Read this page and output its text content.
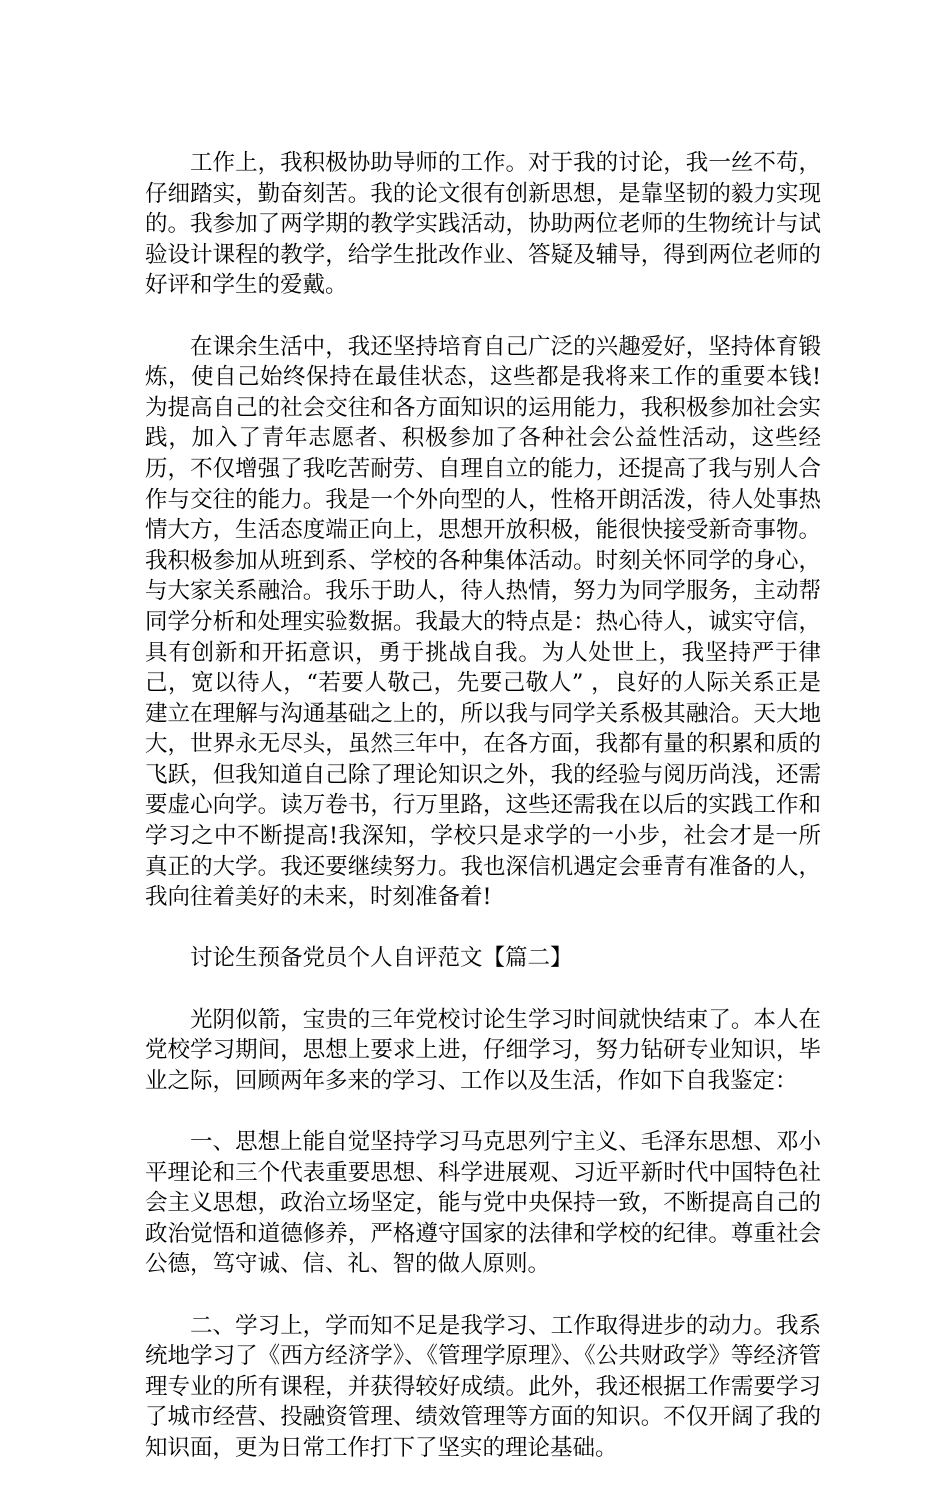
工作上，我积极协助导师的工作。对于我的讨论，我一丝不苟，仔细踏实，勤奋刻苦。我的论文很有创新思想，是靠坚韧的毅力实现的。我参加了两学期的教学实践活动，协助两位老师的生物统计与试验设计课程的教学，给学生批改作业、答疑及辅导，得到两位老师的好评和学生的爱戴。

在课余生活中，我还坚持培育自己广泛的兴趣爱好，坚持体育锻炼，使自己始终保持在最佳状态，这些都是我将来工作的重要本钱!为提高自己的社会交往和各方面知识的运用能力，我积极参加社会实践，加入了青年志愿者、积极参加了各种社会公益性活动，这些经历，不仅增强了我吃苦耐劳、自理自立的能力，还提高了我与别人合作与交往的能力。我是一个外向型的人，性格开朗活泼，待人处事热情大方，生活态度端正向上，思想开放积极，能很快接受新奇事物。我积极参加从班到系、学校的各种集体活动。时刻关怀同学的身心，与大家关系融洽。我乐于助人，待人热情，努力为同学服务，主动帮同学分析和处理实验数据。我最大的特点是：热心待人，诚实守信，具有创新和开拓意识，勇于挑战自我。为人处世上，我坚持严于律己，宽以待人，“若要人敬己，先要己敬人” ，良好的人际关系正是建立在理解与沟通基础之上的，所以我与同学关系极其融洽。天大地大，世界永无尽头，虽然三年中，在各方面，我都有量的积累和质的飞跃，但我知道自己除了理论知识之外，我的经验与阅历尚浅，还需要虚心向学。读万卷书，行万里路，这些还需我在以后的实践工作和学习之中不断提高!我深知，学校只是求学的一小步，社会才是一所真正的大学。我还要继续努力。我也深信机遇定会垂青有准备的人，我向往着美好的未来，时刻准备着!

讨论生预备党员个人自评范文【篇二】

光阴似箭，宝贵的三年党校讨论生学习时间就快结束了。本人在党校学习期间，思想上要求上进，仔细学习，努力钻研专业知识，毕业之际，回顾两年多来的学习、工作以及生活，作如下自我鉴定：

一、思想上能自觉坚持学习马克思列宁主义、毛泽东思想、邓小平理论和三个代表重要思想、科学进展观、习近平新时代中国特色社会主义思想，政治立场坚定，能与党中央保持一致，不断提高自己的政治觉悟和道德修养，严格遵守国家的法律和学校的纪律。尊重社会公德，笃守诚、信、礼、智的做人原则。

二、学习上，学而知不足是我学习、工作取得进步的动力。我系统地学习了《西方经济学》、《管理学原理》、《公共财政学》等经济管理专业的所有课程，并获得较好成绩。此外，我还根据工作需要学习了城市经营、投融资管理、绩效管理等方面的知识。不仅开阔了我的知识面，更为日常工作打下了坚实的理论基础。
